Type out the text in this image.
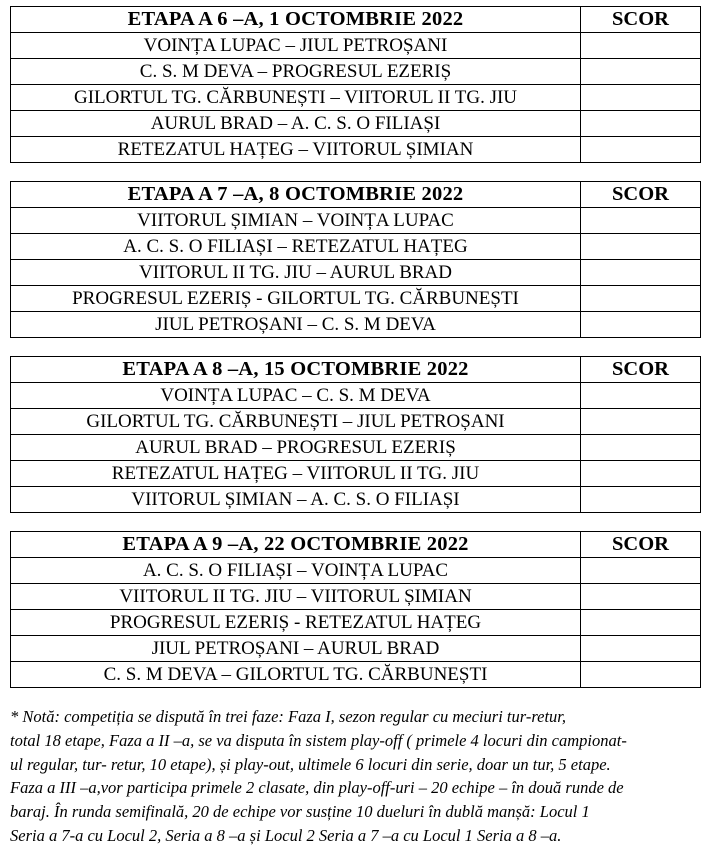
ETAPA A 6 –A, 1 OCTOMBRIE 2022	SCOR
VOINȚA LUPAC – JIUL PETROȘANI	
C. S. M DEVA – PROGRESUL EZERIȘ	
GILORTUL TG. CĂRBUNEȘTI – VIITORUL II TG. JIU	
AURUL BRAD – A. C. S. O FILIAȘI	
RETEZATUL HAȚEG – VIITORUL ȘIMIAN	
ETAPA A 7 –A, 8 OCTOMBRIE 2022	SCOR
VIITORUL ȘIMIAN – VOINȚA LUPAC	
A. C. S. O FILIAȘI – RETEZATUL HAȚEG	
VIITORUL II TG. JIU – AURUL BRAD	
PROGRESUL EZERIȘ - GILORTUL TG. CĂRBUNEȘTI	
JIUL PETROȘANI – C. S. M DEVA	
ETAPA A 8 –A, 15 OCTOMBRIE 2022	SCOR
VOINȚA LUPAC – C. S. M DEVA	
GILORTUL TG. CĂRBUNEȘTI – JIUL PETROȘANI	
AURUL BRAD – PROGRESUL EZERIȘ	
RETEZATUL HAȚEG – VIITORUL II TG. JIU	
VIITORUL ȘIMIAN – A. C. S. O FILIAȘI	
ETAPA A 9 –A, 22 OCTOMBRIE 2022	SCOR
A. C. S. O FILIAȘI – VOINȚA LUPAC	
VIITORUL II TG. JIU – VIITORUL ȘIMIAN	
PROGRESUL EZERIȘ - RETEZATUL HAȚEG	
JIUL PETROȘANI – AURUL BRAD	
C. S. M DEVA – GILORTUL TG. CĂRBUNEȘTI	

* Notă: competiția se dispută în trei faze: Faza I, sezon regular cu meciuri tur-retur,

total 18 etape, Faza a II –a, se va disputa în sistem play-off ( primele 4 locuri din campionat-

ul regular, tur- retur, 10 etape), și play-out, ultimele 6 locuri din serie, doar un tur, 5 etape.

Faza a III –a,vor participa primele 2 clasate, din play-off-uri – 20 echipe – în două runde de

baraj. În runda semifinală, 20 de echipe vor susține 10 dueluri în dublă manșă: Locul 1

Seria a 7-a cu Locul 2, Seria a 8 –a și Locul 2 Seria a 7 –a cu Locul 1 Seria a 8 –a.
